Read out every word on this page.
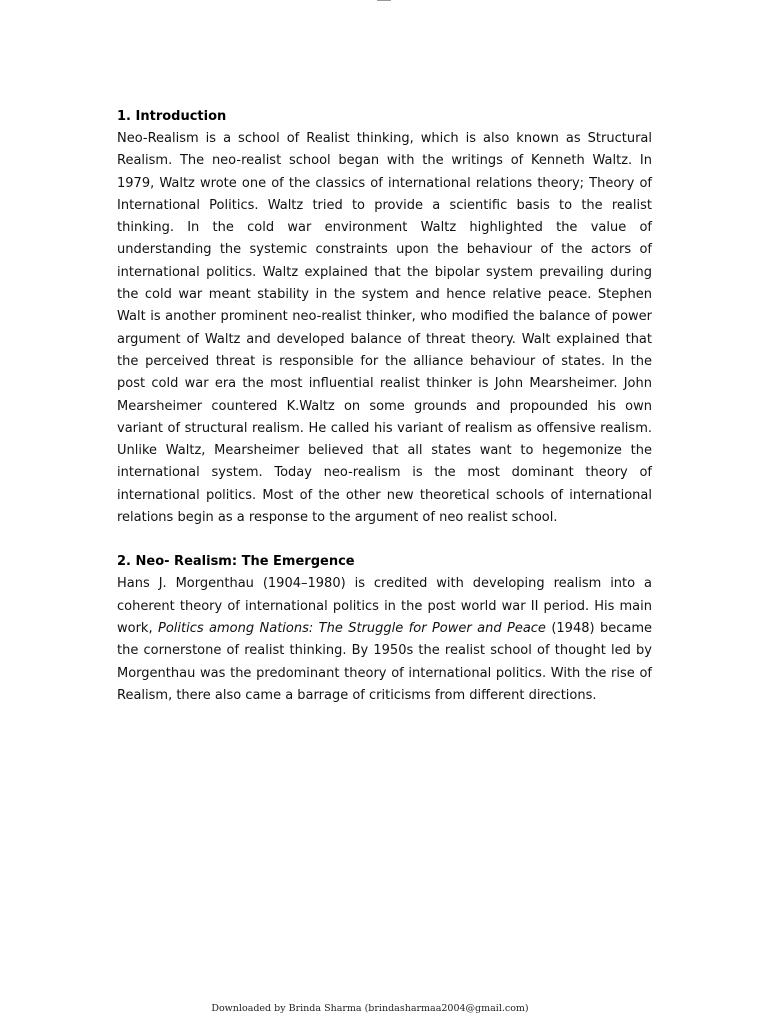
1. Introduction

Neo-Realism is a school of Realist thinking, which is also known as Structural Realism. The neo-realist school began with the writings of Kenneth Waltz. In 1979, Waltz wrote one of the classics of international relations theory; Theory of International Politics. Waltz tried to provide a scientific basis to the realist thinking. In the cold war environment Waltz highlighted the value of understanding the systemic constraints upon the behaviour of the actors of international politics. Waltz explained that the bipolar system prevailing during the cold war meant stability in the system and hence relative peace. Stephen Walt is another prominent neo-realist thinker, who modified the balance of power argument of Waltz and developed balance of threat theory. Walt explained that the perceived threat is responsible for the alliance behaviour of states. In the post cold war era the most influential realist thinker is John Mearsheimer. John Mearsheimer countered K.Waltz on some grounds and propounded his own variant of structural realism. He called his variant of realism as offensive realism. Unlike Waltz, Mearsheimer believed that all states want to hegemonize the international system. Today neo-realism is the most dominant theory of international politics. Most of the other new theoretical schools of international relations begin as a response to the argument of neo realist school.

2. Neo- Realism: The Emergence

Hans J. Morgenthau (1904–1980) is credited with developing realism into a coherent theory of international politics in the post world war II period. His main work, Politics among Nations: The Struggle for Power and Peace (1948) became the cornerstone of realist thinking. By 1950s the realist school of thought led by Morgenthau was the predominant theory of international politics. With the rise of Realism, there also came a barrage of criticisms from different directions.

Downloaded by Brinda Sharma (brindasharmaa2004@gmail.com)
